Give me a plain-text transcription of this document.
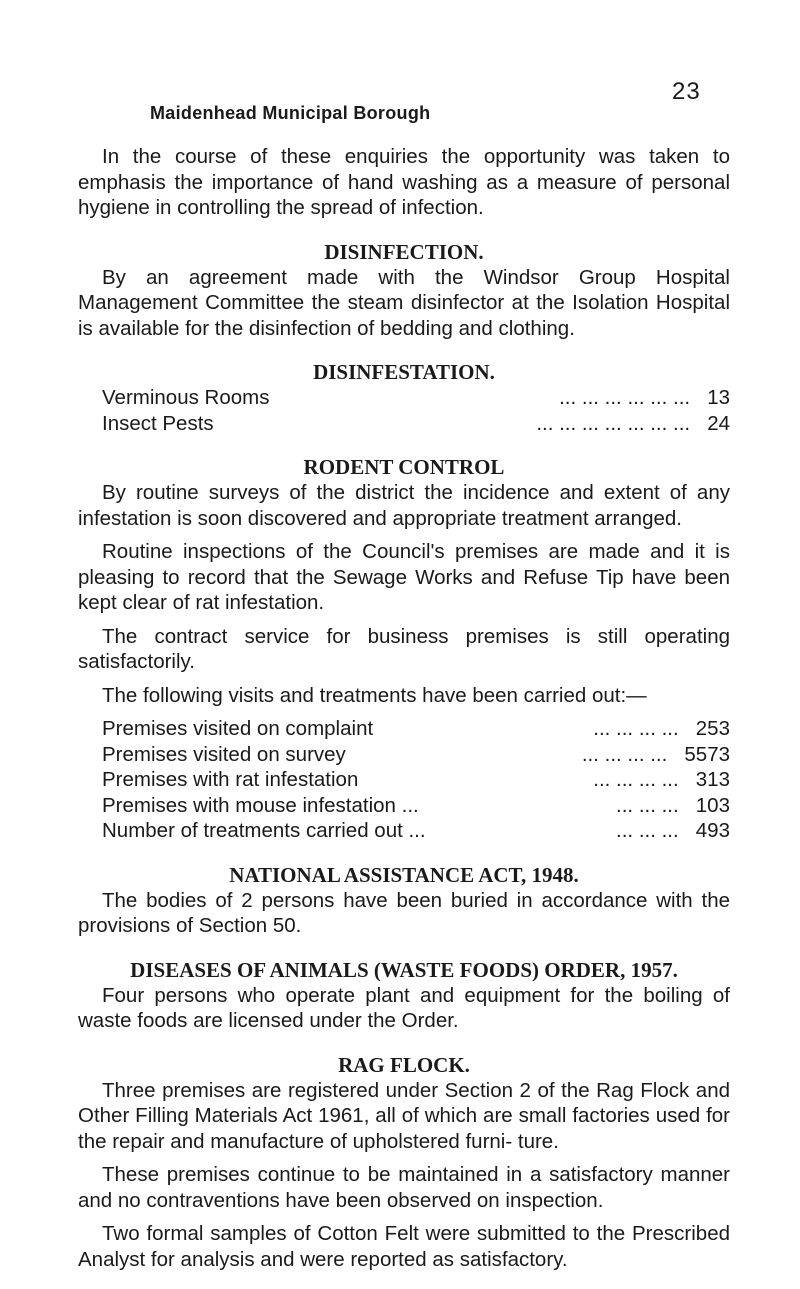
23
Maidenhead Municipal Borough

In the course of these enquiries the opportunity was taken to emphasis the importance of hand washing as a measure of personal hygiene in controlling the spread of infection.

DISINFECTION.

By an agreement made with the Windsor Group Hospital Management Committee the steam disinfector at the Isolation Hospital is available for the disinfection of bedding and clothing.

DISINFESTATION.
Verminous Rooms	... ... ... ... ... ... 13
Insect Pests	... ... ... ... ... ... ... 24
RODENT CONTROL

By routine surveys of the district the incidence and extent of any infestation is soon discovered and appropriate treatment arranged.

Routine inspections of the Council's premises are made and it is pleasing to record that the Sewage Works and Refuse Tip have been kept clear of rat infestation.

The contract service for business premises is still operating satisfactorily.

The following visits and treatments have been carried out:—

Premises visited on complaint	... ... ... ... 253
Premises visited on survey	... ... ... ... 5573
Premises with rat infestation	... ... ... ... 313
Premises with mouse infestation ...	... ... ... 103
Number of treatments carried out ...	... ... ... 493
NATIONAL ASSISTANCE ACT, 1948.

The bodies of 2 persons have been buried in accordance with the provisions of Section 50.

DISEASES OF ANIMALS (WASTE FOODS) ORDER, 1957.

Four persons who operate plant and equipment for the boiling of waste foods are licensed under the Order.

RAG FLOCK.

Three premises are registered under Section 2 of the Rag Flock and Other Filling Materials Act 1961, all of which are small factories used for the repair and manufacture of upholstered furni- ture.

These premises continue to be maintained in a satisfactory manner and no contraventions have been observed on inspection.

Two formal samples of Cotton Felt were submitted to the Prescribed Analyst for analysis and were reported as satisfactory.
